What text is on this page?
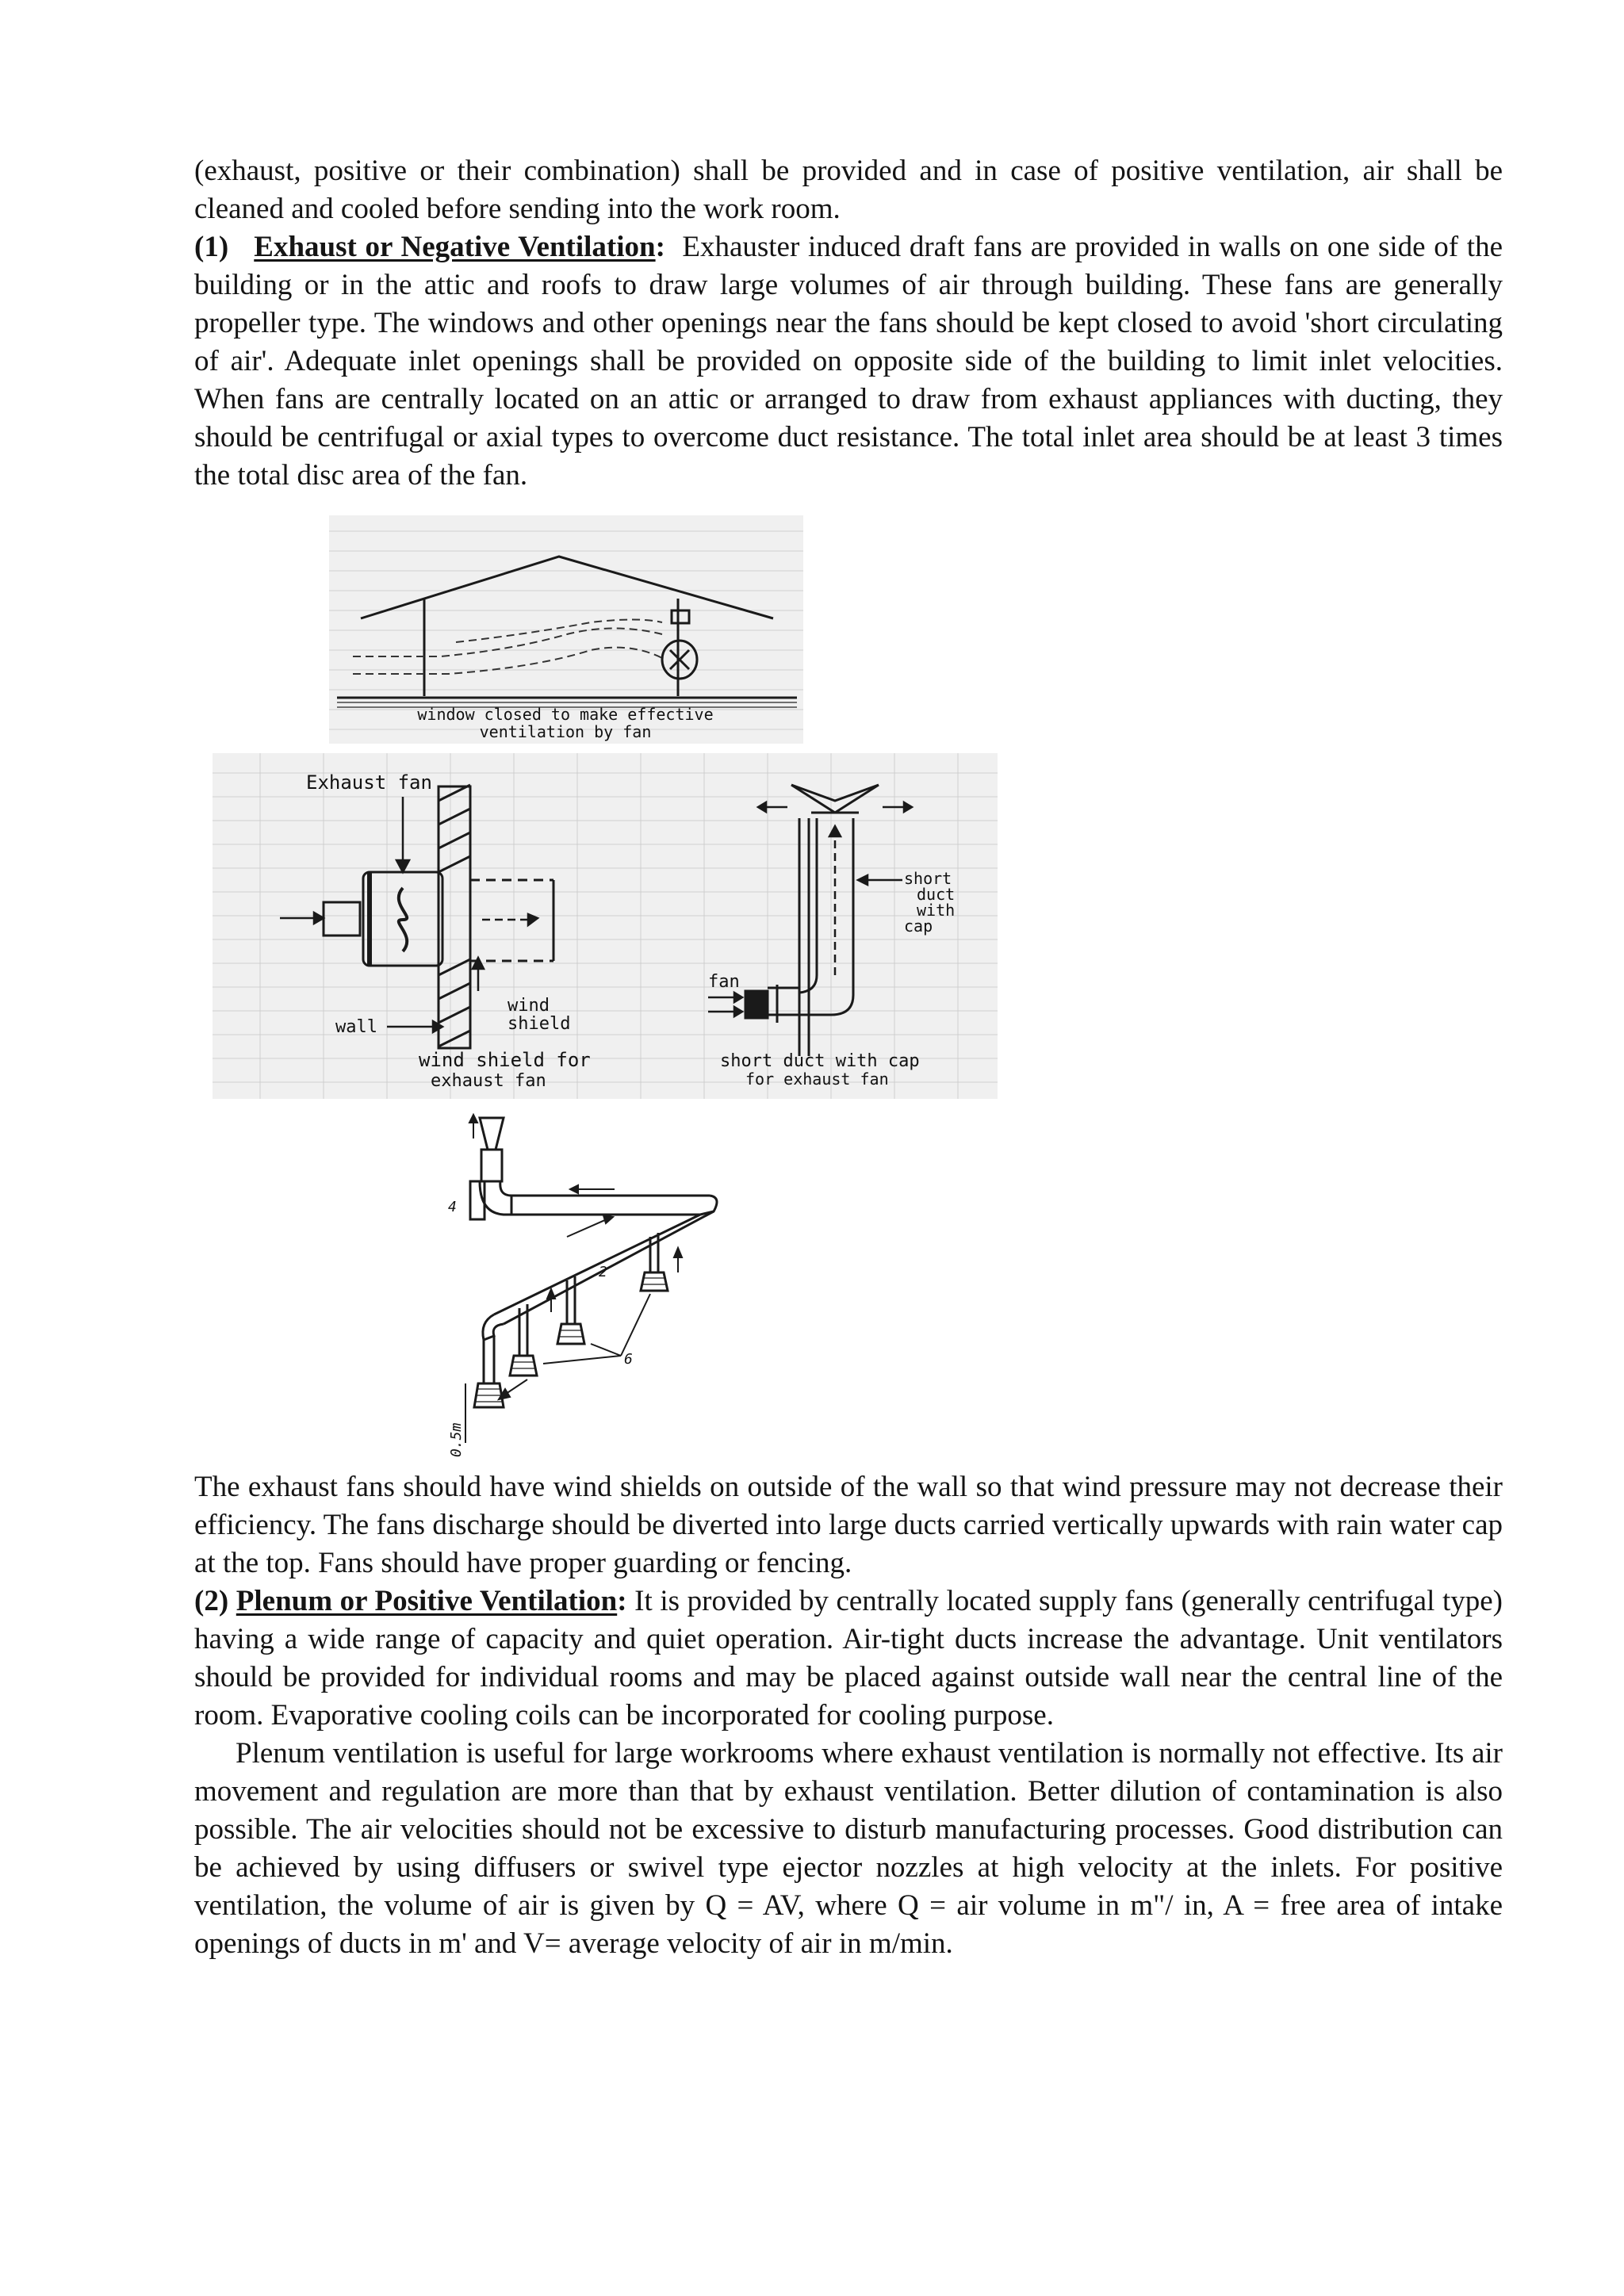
(exhaust, positive or their combination) shall be provided and in case of positive ventilation, air shall be cleaned and cooled before sending into the work room.

(1) Exhaust or Negative Ventilation: Exhauster induced draft fans are provided in walls on one side of the building or in the attic and roofs to draw large volumes of air through building. These fans are generally propeller type. The windows and other openings near the fans should be kept closed to avoid 'short circulating of air'. Adequate inlet openings shall be provided on opposite side of the building to limit inlet velocities. When fans are centrally located on an attic or arranged to draw from exhaust appliances with ducting, they should be centrifugal or axial types to overcome duct resistance. The total inlet area should be at least 3 times the total disc area of the fan.

window closed to make effective
ventilation by fan
Exhaust fan
wall
wind
shield
wind shield for
exhaust fan
short
duct
with
cap
fan
short duct with cap
for exhaust fan
4
2
6
0.5m

The exhaust fans should have wind shields on outside of the wall so that wind pressure may not decrease their efficiency. The fans discharge should be diverted into large ducts carried vertically upwards with rain water cap at the top. Fans should have proper guarding or fencing.

(2) Plenum or Positive Ventilation: It is provided by centrally located supply fans (generally centrifugal type) having a wide range of capacity and quiet operation. Air-tight ducts increase the advantage. Unit ventilators should be provided for individual rooms and may be placed against outside wall near the central line of the room. Evaporative cooling coils can be incorporated for cooling purpose.

Plenum ventilation is useful for large workrooms where exhaust ventilation is normally not effective. Its air movement and regulation are more than that by exhaust ventilation. Better dilution of contamination is also possible. The air velocities should not be excessive to disturb manufacturing processes. Good distribution can be achieved by using diffusers or swivel type ejector nozzles at high velocity at the inlets. For positive ventilation, the volume of air is given by Q = AV, where Q = air volume in m"/ in, A = free area of intake openings of ducts in m' and V= average velocity of air in m/min.
